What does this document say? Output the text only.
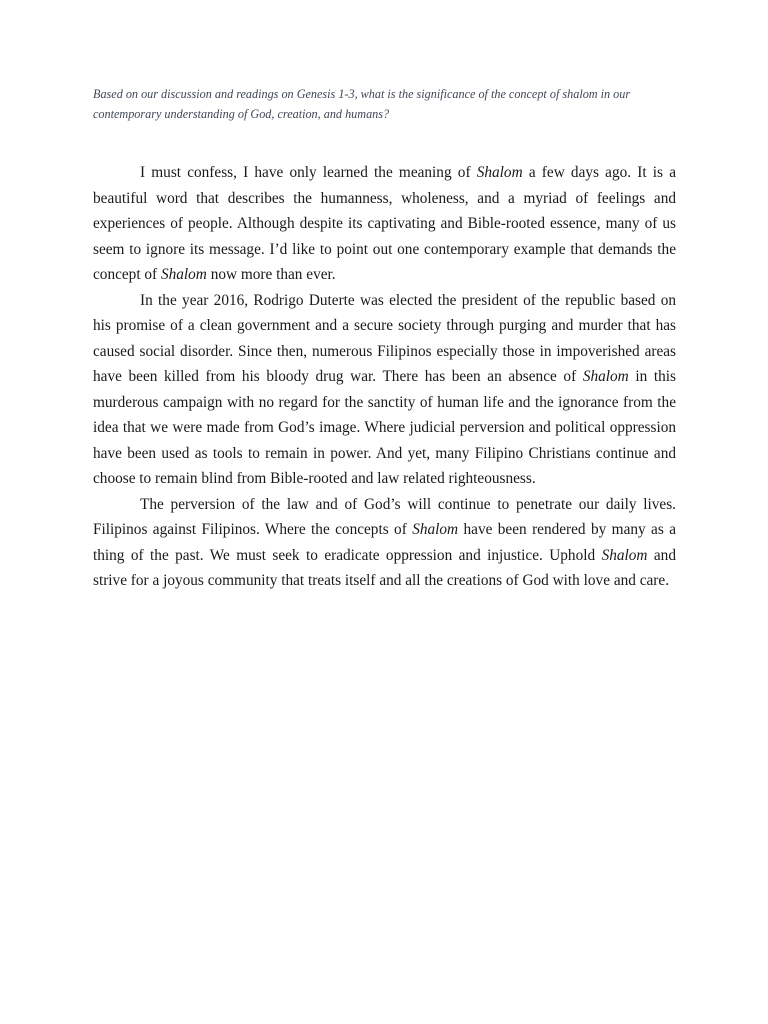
Based on our discussion and readings on Genesis 1-3, what is the significance of the concept of shalom in our contemporary understanding of God, creation, and humans?

I must confess, I have only learned the meaning of Shalom a few days ago. It is a beautiful word that describes the humanness, wholeness, and a myriad of feelings and experiences of people. Although despite its captivating and Bible-rooted essence, many of us seem to ignore its message. I’d like to point out one contemporary example that demands the concept of Shalom now more than ever.

In the year 2016, Rodrigo Duterte was elected the president of the republic based on his promise of a clean government and a secure society through purging and murder that has caused social disorder. Since then, numerous Filipinos especially those in impoverished areas have been killed from his bloody drug war. There has been an absence of Shalom in this murderous campaign with no regard for the sanctity of human life and the ignorance from the idea that we were made from God’s image. Where judicial perversion and political oppression have been used as tools to remain in power. And yet, many Filipino Christians continue and choose to remain blind from Bible-rooted and law related righteousness.

The perversion of the law and of God’s will continue to penetrate our daily lives. Filipinos against Filipinos. Where the concepts of Shalom have been rendered by many as a thing of the past. We must seek to eradicate oppression and injustice. Uphold Shalom and strive for a joyous community that treats itself and all the creations of God with love and care.
